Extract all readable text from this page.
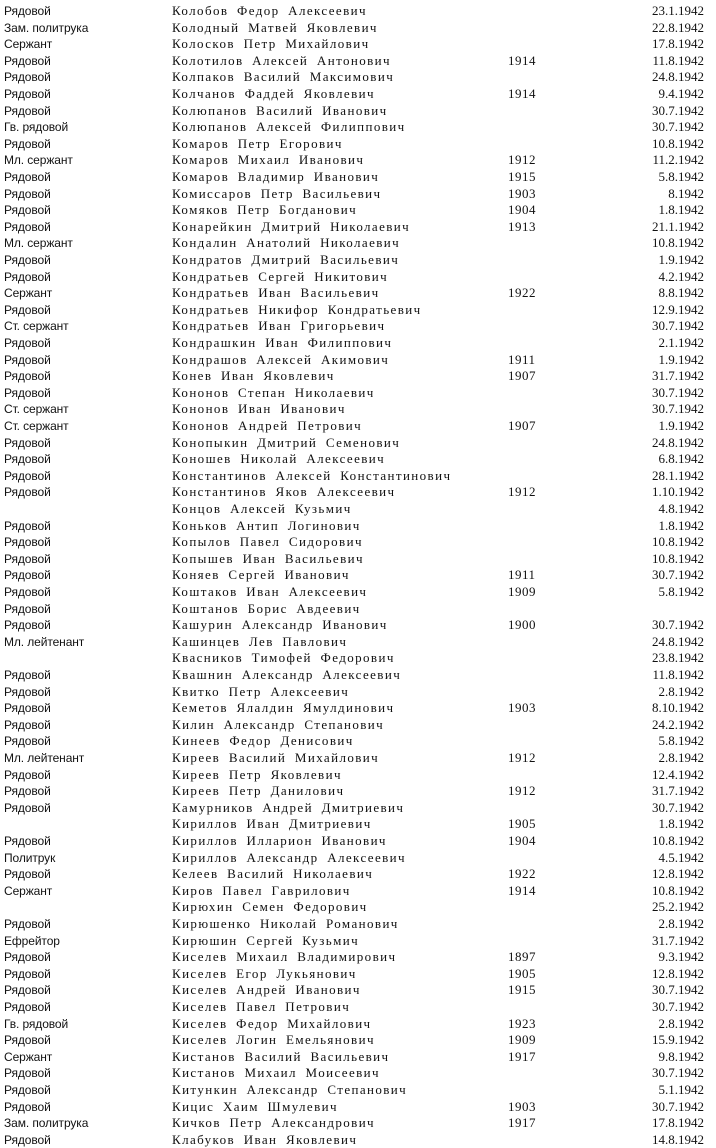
Рядовой	Колобов Федор Алексеевич	23.1.1942
Зам. политрука	Колодный Матвей Яковлевич	22.8.1942
Сержант	Колосков Петр Михайлович	17.8.1942
Рядовой	Колотилов Алексей Антонович	1914	11.8.1942
Рядовой	Колпаков Василий Максимович	24.8.1942
Рядовой	Колчанов Фаддей Яковлевич	1914	9.4.1942
Рядовой	Колюпанов Василий Иванович	30.7.1942
Гв. рядовой	Колюпанов Алексей Филиппович	30.7.1942
Рядовой	Комаров Петр Егорович	10.8.1942
Мл. сержант	Комаров Михаил Иванович	1912	11.2.1942
Рядовой	Комаров Владимир Иванович	1915	5.8.1942
Рядовой	Комиссаров Петр Васильевич	1903	8.1942
Рядовой	Комяков Петр Богданович	1904	1.8.1942
Рядовой	Конарейкин Дмитрий Николаевич	1913	21.1.1942
Мл. сержант	Кондалин Анатолий Николаевич	10.8.1942
Рядовой	Кондратов Дмитрий Васильевич	1.9.1942
Рядовой	Кондратьев Сергей Никитович	4.2.1942
Сержант	Кондратьев Иван Васильевич	1922	8.8.1942
Рядовой	Кондратьев Никифор Кондратьевич	12.9.1942
Ст. сержант	Кондратьев Иван Григорьевич	30.7.1942
Рядовой	Кондрашкин Иван Филиппович	2.1.1942
Рядовой	Кондрашов Алексей Акимович	1911	1.9.1942
Рядовой	Конев Иван Яковлевич	1907	31.7.1942
Рядовой	Кононов Степан Николаевич	30.7.1942
Ст. сержант	Кононов Иван Иванович	30.7.1942
Ст. сержант	Кононов Андрей Петрович	1907	1.9.1942
Рядовой	Конопыкин Дмитрий Семенович	24.8.1942
Рядовой	Коношев Николай Алексеевич	6.8.1942
Рядовой	Константинов Алексей Константинович	28.1.1942
Рядовой	Константинов Яков Алексеевич	1912	1.10.1942
Концов Алексей Кузьмич	4.8.1942
Рядовой	Коньков Антип Логинович	1.8.1942
Рядовой	Копылов Павел Сидорович	10.8.1942
Рядовой	Копышев Иван Васильевич	10.8.1942
Рядовой	Коняев Сергей Иванович	1911	30.7.1942
Рядовой	Коштаков Иван Алексеевич	1909	5.8.1942
Рядовой	Коштанов Борис Авдеевич
Рядовой	Кашурин Александр Иванович	1900	30.7.1942
Мл. лейтенант	Кашинцев Лев Павлович	24.8.1942
Квасников Тимофей Федорович	23.8.1942
Рядовой	Квашнин Александр Алексеевич	11.8.1942
Рядовой	Квитко Петр Алексеевич	2.8.1942
Рядовой	Кеметов Ялалдин Ямулдинович	1903	8.10.1942
Рядовой	Килин Александр Степанович	24.2.1942
Рядовой	Кинеев Федор Денисович	5.8.1942
Мл. лейтенант	Киреев Василий Михайлович	1912	2.8.1942
Рядовой	Киреев Петр Яковлевич	12.4.1942
Рядовой	Киреев Петр Данилович	1912	31.7.1942
Рядовой	Камурников Андрей Дмитриевич	30.7.1942
Кириллов Иван Дмитриевич	1905	1.8.1942
Рядовой	Кириллов Илларион Иванович	1904	10.8.1942
Политрук	Кириллов Александр Алексеевич	4.5.1942
Рядовой	Келеев Василий Николаевич	1922	12.8.1942
Сержант	Киров Павел Гаврилович	1914	10.8.1942
Кирюхин Семен Федорович	25.2.1942
Рядовой	Кирюшенко Николай Романович	2.8.1942
Ефрейтор	Кирюшин Сергей Кузьмич	31.7.1942
Рядовой	Киселев Михаил Владимирович	1897	9.3.1942
Рядовой	Киселев Егор Лукьянович	1905	12.8.1942
Рядовой	Киселев Андрей Иванович	1915	30.7.1942
Рядовой	Киселев Павел Петрович	30.7.1942
Гв. рядовой	Киселев Федор Михайлович	1923	2.8.1942
Рядовой	Киселев Логин Емельянович	1909	15.9.1942
Сержант	Кистанов Василий Васильевич	1917	9.8.1942
Рядовой	Кистанов Михаил Моисеевич	30.7.1942
Рядовой	Китункин Александр Степанович	5.1.1942
Рядовой	Кицис Хаим Шмулевич	1903	30.7.1942
Зам. политрука	Кичков Петр Александрович	1917	17.8.1942
Рядовой	Клабуков Иван Яковлевич	14.8.1942
